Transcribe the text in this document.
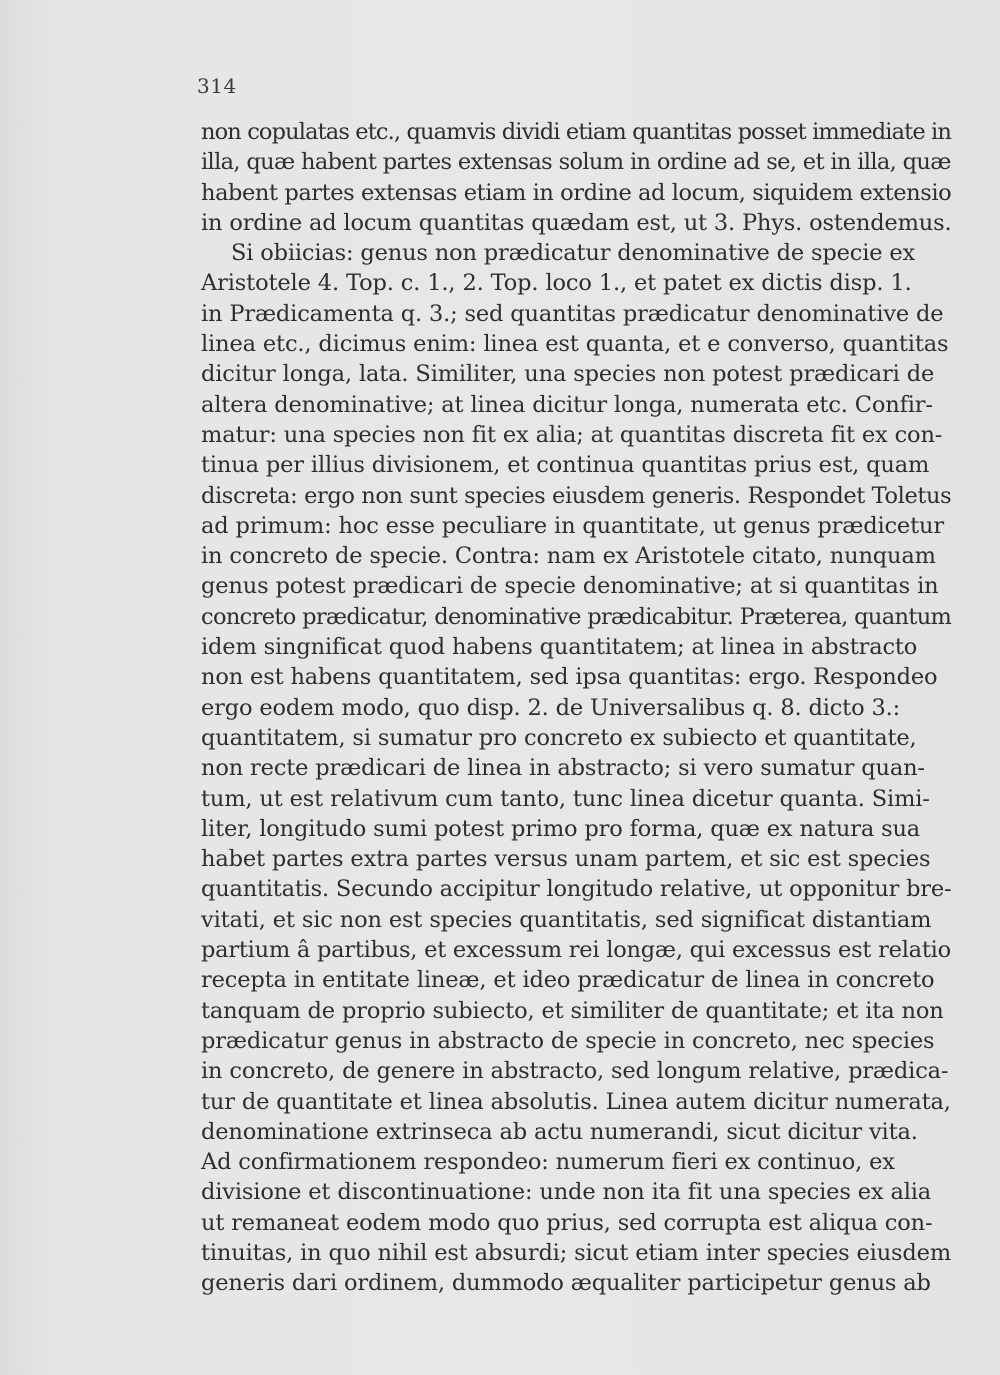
314
non copulatas etc., quamvis dividi etiam quantitas posset immediate in
illa, quæ habent partes extensas solum in ordine ad se, et in illa, quæ
habent partes extensas etiam in ordine ad locum, siquidem extensio
in ordine ad locum quantitas quædam est, ut 3. Phys. ostendemus.
Si obiicias: genus non prædicatur denominative de specie ex
Aristotele 4. Top. c. 1., 2. Top. loco 1., et patet ex dictis disp. 1.
in Prædicamenta q. 3.; sed quantitas prædicatur denominative de
linea etc., dicimus enim: linea est quanta, et e converso, quantitas
dicitur longa, lata. Similiter, una species non potest prædicari de
altera denominative; at linea dicitur longa, numerata etc. Confir-
matur: una species non fit ex alia; at quantitas discreta fit ex con-
tinua per illius divisionem, et continua quantitas prius est, quam
discreta: ergo non sunt species eiusdem generis. Respondet Toletus
ad primum: hoc esse peculiare in quantitate, ut genus prædicetur
in concreto de specie. Contra: nam ex Aristotele citato, nunquam
genus potest prædicari de specie denominative; at si quantitas in
concreto prædicatur, denominative prædicabitur. Præterea, quantum
idem singnificat quod habens quantitatem; at linea in abstracto
non est habens quantitatem, sed ipsa quantitas: ergo. Respondeo
ergo eodem modo, quo disp. 2. de Universalibus q. 8. dicto 3.:
quantitatem, si sumatur pro concreto ex subiecto et quantitate,
non recte prædicari de linea in abstracto; si vero sumatur quan-
tum, ut est relativum cum tanto, tunc linea dicetur quanta. Simi-
liter, longitudo sumi potest primo pro forma, quæ ex natura sua
habet partes extra partes versus unam partem, et sic est species
quantitatis. Secundo accipitur longitudo relative, ut opponitur bre-
vitati, et sic non est species quantitatis, sed significat distantiam
partium â partibus, et excessum rei longæ, qui excessus est relatio
recepta in entitate lineæ, et ideo prædicatur de linea in concreto
tanquam de proprio subiecto, et similiter de quantitate; et ita non
prædicatur genus in abstracto de specie in concreto, nec species
in concreto, de genere in abstracto, sed longum relative, prædica-
tur de quantitate et linea absolutis. Linea autem dicitur numerata,
denominatione extrinseca ab actu numerandi, sicut dicitur vita.
Ad confirmationem respondeo: numerum fieri ex continuo, ex
divisione et discontinuatione: unde non ita fit una species ex alia
ut remaneat eodem modo quo prius, sed corrupta est aliqua con-
tinuitas, in quo nihil est absurdi; sicut etiam inter species eiusdem
generis dari ordinem, dummodo æqualiter participetur genus ab
